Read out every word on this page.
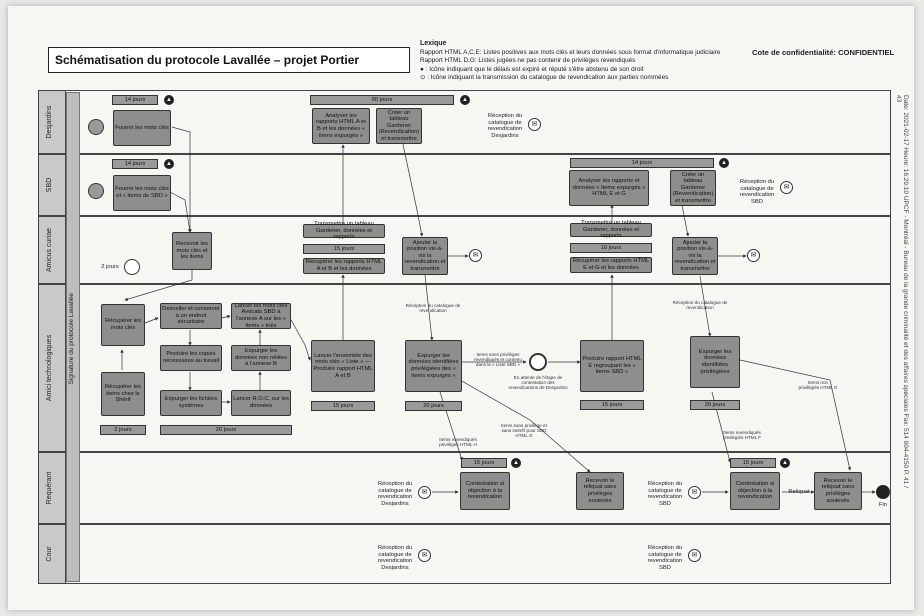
Schématisation du protocole Lavallée – projet Portier
Lexique
Rapport HTML A,C,E: Listes positives aux mots clés et leurs données sous format d'informatique judiciaire
Rapport HTML D,G: Listes jugées ne pas contenir de privilèges revendiqués
● : Icône indiquant que le délais est expiré et réputé s'être abstenu de son droit
⊙ : Icône indiquant la transmission du catalogue de revendication aux parties nommées
Cote de confidentialité: CONFIDENTIEL
Date: 2021-02-17 Heure: 16:29:10 UPCF - Montréal - Bureau de la grande criminalité et des affaires spéciales Fax: 514 904-4150 P. 41 / 43
Desjardins
SBD
Amicus curiae
Amici technologiques
Requérant
Cour
Signature du protocole Lavallée
14 jours	▲
Fournir les mots clés
60 jours	▲
Analyser les rapports HTML A et B et les données « items expurgés »
Créer un tableau Gardener (Revendication) et transmettre
Réception du catalogue de revendication Desjardins
✉
14 jours	▲
Fournir les mots clés et « items de SBD »
14 jours	▲
Analyser les rapports et données « items expurgés » HTML E et G
Créer un tableau Gardener (Revendication) et transmettre
Réception du catalogue de revendication SBD
✉
Recevoir les mots clés et les items
2 jours
Transmettre un tableau Gardener, données et rapports
15 jours
Récupérer les rapports HTML A et B et les données
Ajouter la position vis-à-vis la revendication et transmettre
✉
Transmettre un tableau Gardener, données et rapports
10 jours
Récupérer les rapports HTML E et G et les données
Ajouter la position vis-à-vis la revendication et transmettre
✉
Réception du catalogue de revendication
Réception du catalogue de revendication
Récupérer les mots clés
Desceller et conserver à un endroit sécuritaire
Lancer les mots clés Avocats SBD à l'annexe A sur les « items » triés
Produire les copies nécessaires au travail
Expurger les données non reliées à l'annexe B
Récupérer les items chez le Shérif	Expurger les fichiers systèmes
Lancer R.O.C. sur les données
2 jours	20 jours
Lancer l'ensemble des mots clés « Liste » — Produire rapport HTML A et B
15 jours
Expurger les données identifiées privilégiées des « items expurgés »
20 jours
Items sans privilèges revendiqués et contenu dans la « Liste SBD »
En attente de l'étape de contestation des revendications de Desjardins
Produire rapport HTML E regroupant les « items SBD »
15 jours
Expurger les données identifiées privilégiées
20 jours
Items non privilégiés HTML G
Items revendiqués privilèges HTML H
Items sans privilège et sans intérêt pour SBD HTML G
Items revendiqués privilégiés HTML F
15 jours	▲
Réception du catalogue de revendication Desjardins
✉
Contestation si objection à la revendication
Recevoir le reliquat sans privilèges soulevés
Réception du catalogue de revendication SBD
✉
15 jours	▲
Contestation si objection à la revendication
Reliquat
Recevoir le reliquat sans privilèges soulevés
Fin
Réception du catalogue de revendication Desjardins
✉
Réception du catalogue de revendication SBD
✉
